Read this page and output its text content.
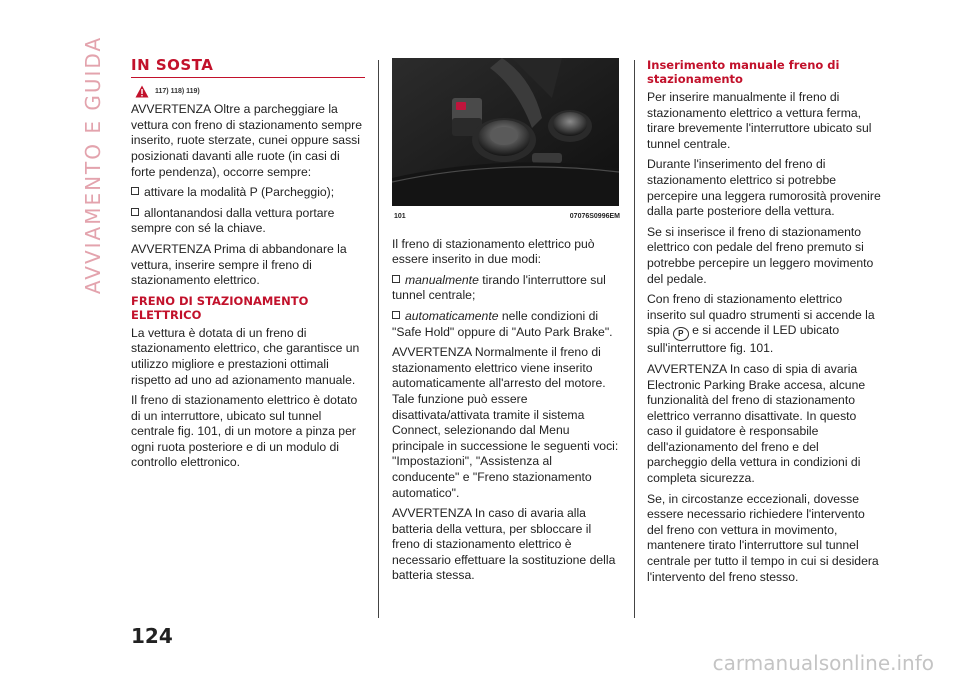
AVVIAMENTO E GUIDA IN SOSTA
117) 118) 119)

AVVERTENZA Oltre a parcheggiare la vettura con freno di stazionamento sempre inserito, ruote sterzate, cunei oppure sassi posizionati davanti alle ruote (in casi di forte pendenza), occorre sempre:

attivare la modalità P (Parcheggio);

allontanandosi dalla vettura portare sempre con sé la chiave.

AVVERTENZA Prima di abbandonare la vettura, inserire sempre il freno di stazionamento elettrico.

FRENO DI STAZIONAMENTO ELETTRICO

La vettura è dotata di un freno di stazionamento elettrico, che garantisce un utilizzo migliore e prestazioni ottimali rispetto ad uno ad azionamento manuale.

Il freno di stazionamento elettrico è dotato di un interruttore, ubicato sul tunnel centrale fig. 101, di un motore a pinza per ogni ruota posteriore e di un modulo di controllo elettronico.

101	07076S0996EM

Il freno di stazionamento elettrico può essere inserito in due modi:

manualmente tirando l'interruttore sul tunnel centrale;

automaticamente nelle condizioni di "Safe Hold" oppure di "Auto Park Brake".

AVVERTENZA Normalmente il freno di stazionamento elettrico viene inserito automaticamente all'arresto del motore. Tale funzione può essere disattivata/attivata tramite il sistema Connect, selezionando dal Menu principale in successione le seguenti voci: "Impostazioni", "Assistenza al conducente" e "Freno stazionamento automatico".

AVVERTENZA In caso di avaria alla batteria della vettura, per sbloccare il freno di stazionamento elettrico è necessario effettuare la sostituzione della batteria stessa.

Inserimento manuale freno di stazionamento

Per inserire manualmente il freno di stazionamento elettrico a vettura ferma, tirare brevemente l'interruttore ubicato sul tunnel centrale.

Durante l'inserimento del freno di stazionamento elettrico si potrebbe percepire una leggera rumorosità provenire dalla parte posteriore della vettura.

Se si inserisce il freno di stazionamento elettrico con pedale del freno premuto si potrebbe percepire un leggero movimento del pedale.

Con freno di stazionamento elettrico inserito sul quadro strumenti si accende la spia P e si accende il LED ubicato sull'interruttore fig. 101.

AVVERTENZA In caso di spia di avaria Electronic Parking Brake accesa, alcune funzionalità del freno di stazionamento elettrico verranno disattivate. In questo caso il guidatore è responsabile dell'azionamento del freno e del parcheggio della vettura in condizioni di completa sicurezza.

Se, in circostanze eccezionali, dovesse essere necessario richiedere l'intervento del freno con vettura in movimento, mantenere tirato l'interruttore sul tunnel centrale per tutto il tempo in cui si desidera l'intervento del freno stesso.

124
carmanualsonline.info
